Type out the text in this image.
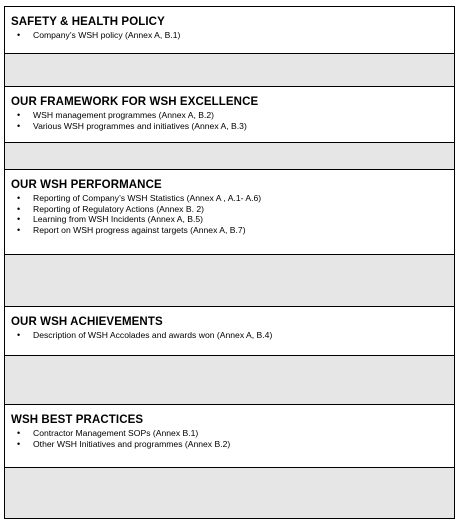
SAFETY & HEALTH POLICY
• Company’s WSH policy (Annex A, B.1)
OUR FRAMEWORK FOR WSH EXCELLENCE
• WSH management programmes (Annex A, B.2)
• Various WSH programmes and initiatives (Annex A, B.3)
OUR WSH PERFORMANCE
• Reporting of Company’s WSH Statistics (Annex A , A.1- A.6)
• Reporting of Regulatory Actions (Annex B. 2)
• Learning from WSH Incidents (Annex A, B.5)
• Report on WSH progress against targets (Annex A, B.7)
OUR WSH ACHIEVEMENTS
• Description of WSH Accolades and awards won (Annex A, B.4)
WSH BEST PRACTICES
• Contractor Management SOPs (Annex B.1)
• Other WSH Initiatives and programmes (Annex B.2)
